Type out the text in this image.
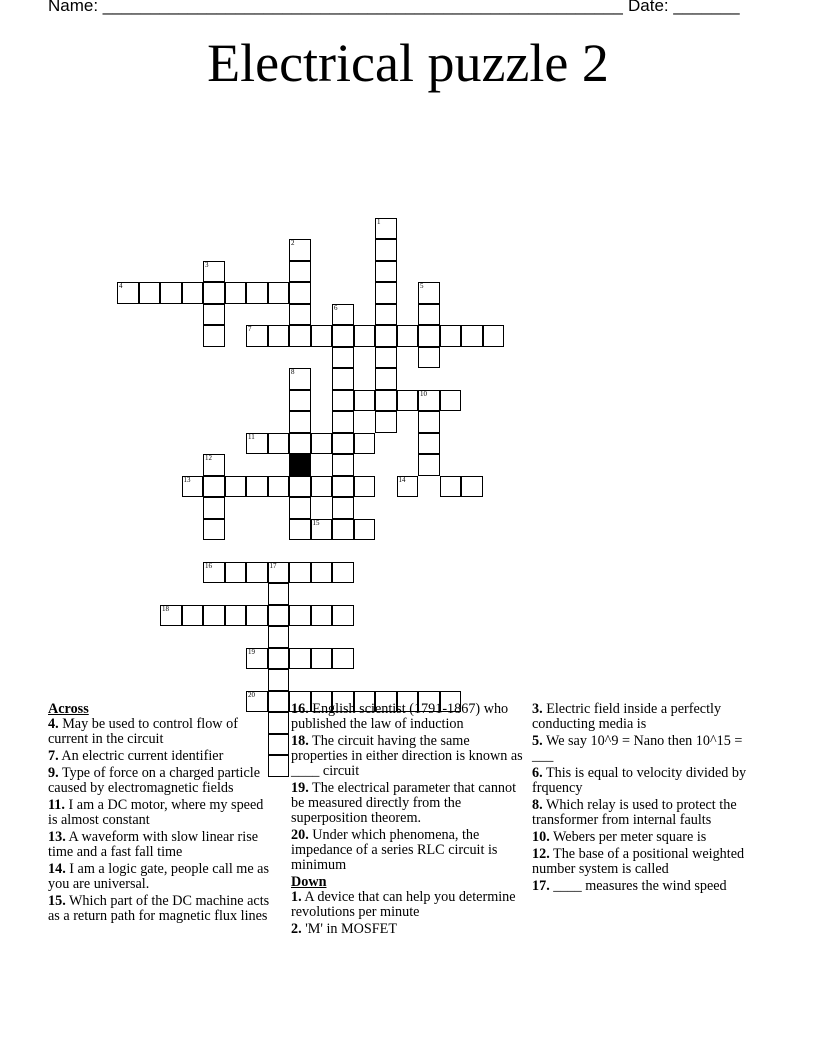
Name: _______________________________________________________ Date: _______
Electrical puzzle 2
1
2
3
4	5
6
7
8
10
11
12
13	14
15
16	17
18
19
20
Across
4. May be used to control flow of current in the circuit
7. An electric current identifier
9. Type of force on a charged particle caused by electromagnetic fields
11. I am a DC motor, where my speed is almost constant
13. A waveform with slow linear rise time and a fast fall time
14. I am a logic gate, people call me as you are universal.
15. Which part of the DC machine acts as a return path for magnetic flux lines
16. English scientist (1791-1867) who published the law of induction
18. The circuit having the same properties in either direction is known as ____ circuit
19. The electrical parameter that cannot be measured directly from the superposition theorem.
20. Under which phenomena, the impedance of a series RLC circuit is minimum
Down
1. A device that can help you determine revolutions per minute
2. 'M' in MOSFET
3. Electric field inside a perfectly conducting media is
5. We say 10^9 = Nano then 10^15 = ___
6. This is equal to velocity divided by frquency
8. Which relay is used to protect the transformer from internal faults
10. Webers per meter square is
12. The base of a positional weighted number system is called
17. ____ measures the wind speed
